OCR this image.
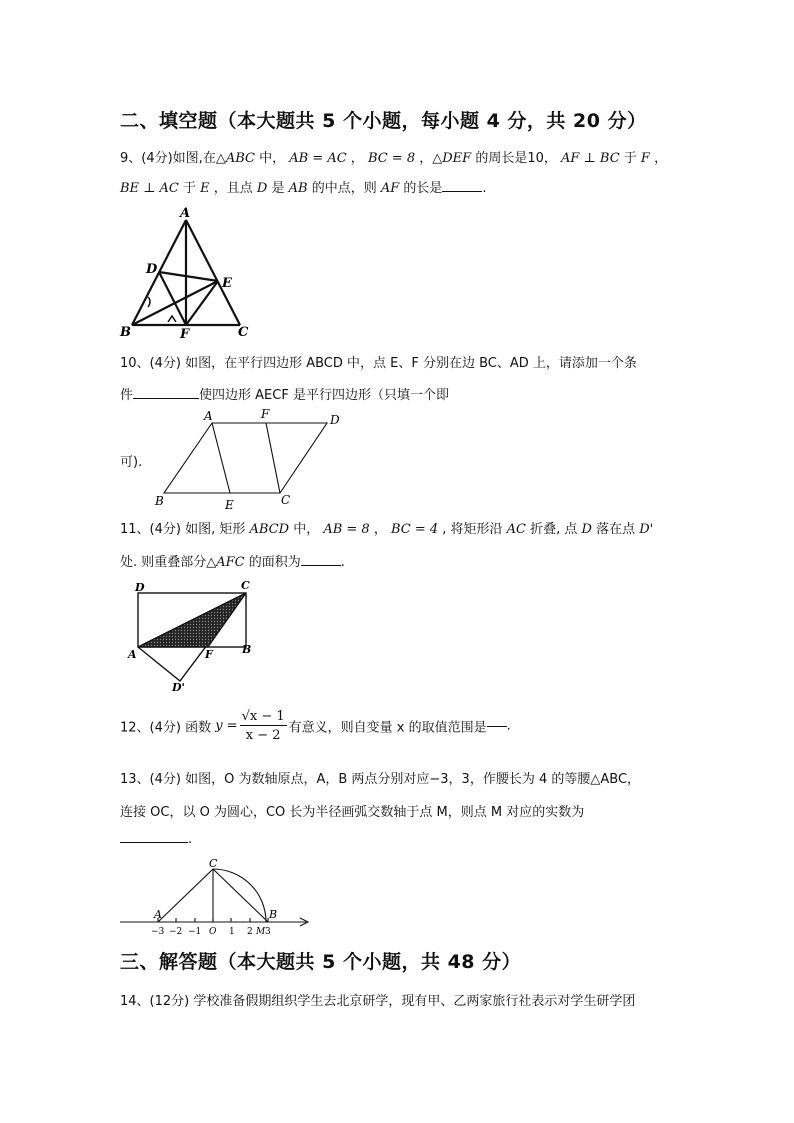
二、填空题（本大题共 5 个小题，每小题 4 分，共 20 分）
9、(4分)如图,在△ABC 中， AB = AC ， BC = 8 ，△DEF 的周长是10， AF ⊥ BC 于 F ，
BE ⊥ AC 于 E ，且点 D 是 AB 的中点，则 AF 的长是	.
A
D
E
B	F	C
10、(4分) 如图，在平行四边形 ABCD 中，点 E、F 分别在边 BC、AD 上，请添加一个条
件	使四边形 AECF 是平行四边形（只填一个即
可).
A	F	D
B	E	C
11、(4分) 如图, 矩形 ABCD 中， AB = 8 ， BC = 4 , 将矩形沿 AC 折叠, 点 D 落在点 D'
处. 则重叠部分△AFC 的面积为	.
D	C
A	F	B
D'
12、(4分) 函数 $y = \frac{√x - 1}{x - 2}$ 有意义，则自变量 x 的取值范围是 .
13、(4分) 如图，O 为数轴原点，A，B 两点分别对应−3，3，作腰长为 4 的等腰△ABC，
连接 OC，以 O 为圆心，CO 长为半径画弧交数轴于点 M，则点 M 对应的实数为
.
C
A	B
−3 −2 −1 O 1 2 M 3
三、解答题（本大题共 5 个小题，共 48 分）
14、(12分) 学校准备假期组织学生去北京研学，现有甲、乙两家旅行社表示对学生研学团
